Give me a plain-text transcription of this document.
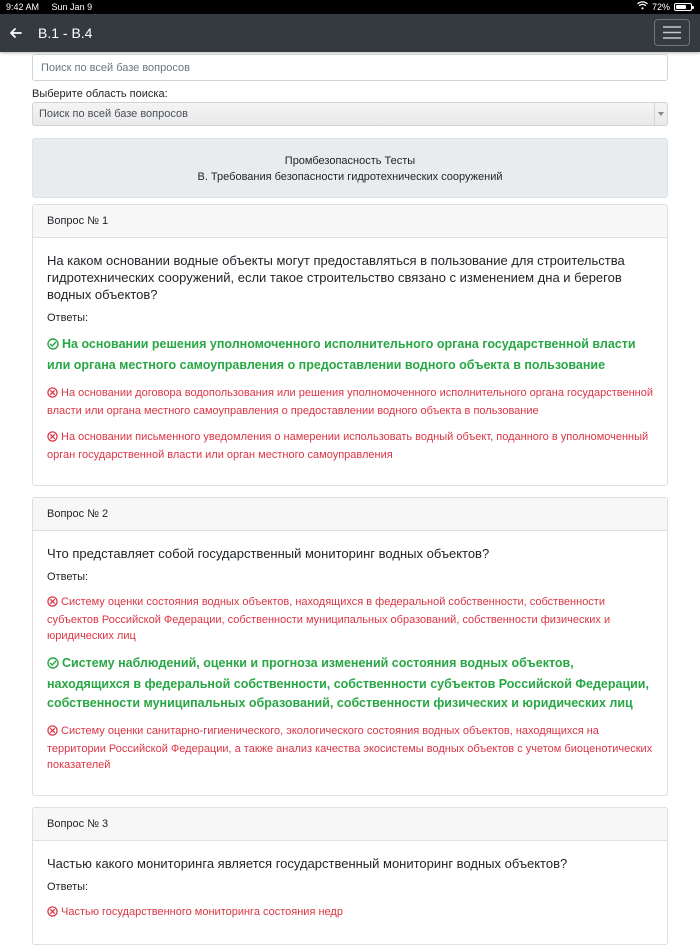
9:42 AM Sun Jan 9	72%
В.1 - В.4
Поиск по всей базе вопросов
Выберите область поиска:
Поиск по всей базе вопросов
Промбезопасность Тесты
В. Требования безопасности гидротехнических сооружений
Вопрос № 1
На каком основании водные объекты могут предоставляться в пользование для строительства гидротехнических сооружений, если такое строительство связано с изменением дна и берегов водных объектов?
Ответы:
На основании решения уполномоченного исполнительного органа государственной власти или органа местного самоуправления о предоставлении водного объекта в пользование
На основании договора водопользования или решения уполномоченного исполнительного органа государственной власти или органа местного самоуправления о предоставлении водного объекта в пользование
На основании письменного уведомления о намерении использовать водный объект, поданного в уполномоченный орган государственной власти или орган местного самоуправления
Вопрос № 2
Что представляет собой государственный мониторинг водных объектов?
Ответы:
Систему оценки состояния водных объектов, находящихся в федеральной собственности, собственности субъектов Российской Федерации, собственности муниципальных образований, собственности физических и юридических лиц
Систему наблюдений, оценки и прогноза изменений состояния водных объектов, находящихся в федеральной собственности, собственности субъектов Российской Федерации, собственности муниципальных образований, собственности физических и юридических лиц
Систему оценки санитарно-гигиенического, экологического состояния водных объектов, находящихся на территории Российской Федерации, а также анализ качества экосистемы водных объектов с учетом биоценотических показателей
Вопрос № 3
Частью какого мониторинга является государственный мониторинг водных объектов?
Ответы:
Частью государственного мониторинга состояния недр
